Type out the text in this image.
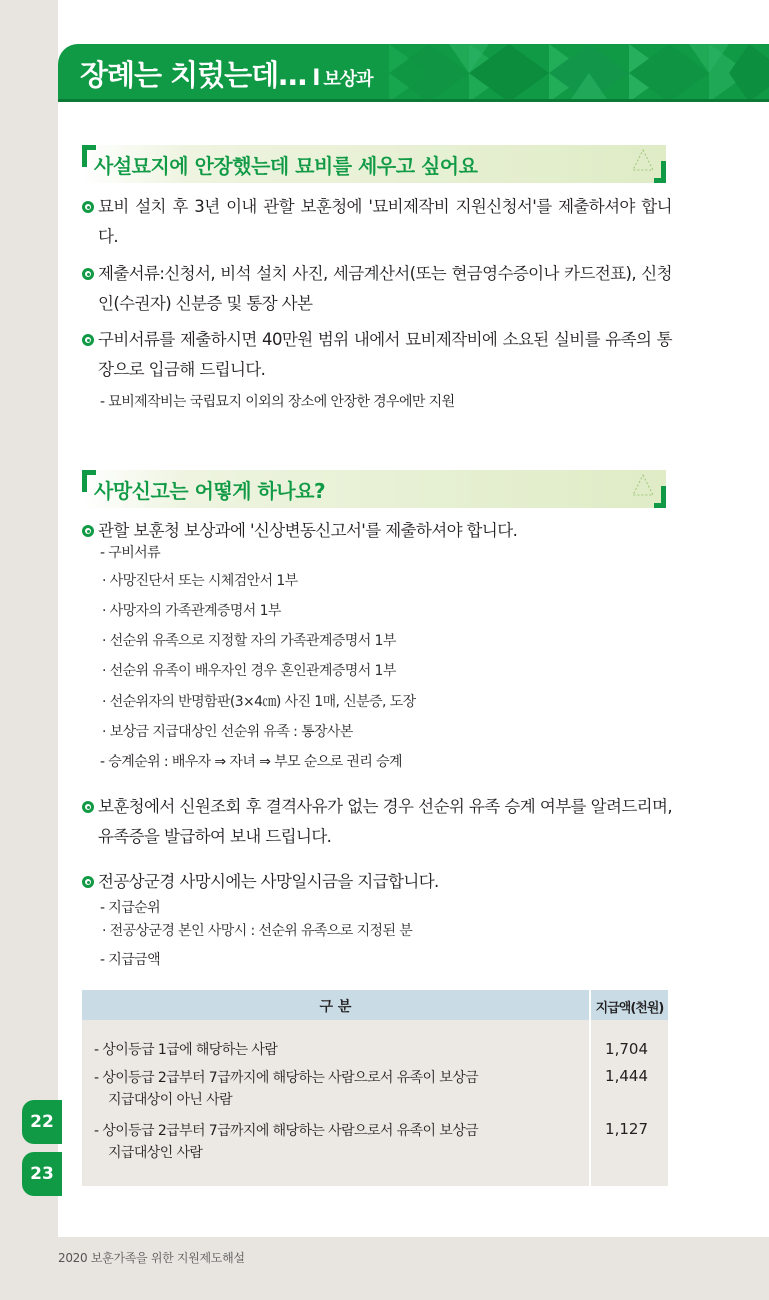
장례는 치렀는데… I 보상과
사설묘지에 안장했는데 묘비를 세우고 싶어요
묘비 설치 후 3년 이내 관할 보훈청에 '묘비제작비 지원신청서'를 제출하셔야 합니다.
제출서류:신청서, 비석 설치 사진, 세금계산서(또는 현금영수증이나 카드전표), 신청인(수권자) 신분증 및 통장 사본
구비서류를 제출하시면 40만원 범위 내에서 묘비제작비에 소요된 실비를 유족의 통장으로 입금해 드립니다.
- 묘비제작비는 국립묘지 이외의 장소에 안장한 경우에만 지원
사망신고는 어떻게 하나요?
관할 보훈청 보상과에 '신상변동신고서'를 제출하셔야 합니다.
- 구비서류
· 사망진단서 또는 시체검안서 1부
· 사망자의 가족관계증명서 1부
· 선순위 유족으로 지정할 자의 가족관계증명서 1부
· 선순위 유족이 배우자인 경우 혼인관계증명서 1부
· 선순위자의 반명함판(3×4㎝) 사진 1매, 신분증, 도장
· 보상금 지급대상인 선순위 유족 : 통장사본
- 승계순위 : 배우자 ⇒ 자녀 ⇒ 부모 순으로 권리 승계
보훈청에서 신원조회 후 결격사유가 없는 경우 선순위 유족 승계 여부를 알려드리며, 유족증을 발급하여 보내 드립니다.
전공상군경 사망시에는 사망일시금을 지급합니다.
- 지급순위
· 전공상군경 본인 사망시 : 선순위 유족으로 지정된 분
- 지급금액
구 분	지급액(천원)
- 상이등급 1급에 해당하는 사람	1,704
- 상이등급 2급부터 7급까지에 해당하는 사람으로서 유족이 보상금
지급대상이 아닌 사람
1,444
- 상이등급 2급부터 7급까지에 해당하는 사람으로서 유족이 보상금
지급대상인 사람
1,127
22
23
2020 보훈가족을 위한 지원제도해설
